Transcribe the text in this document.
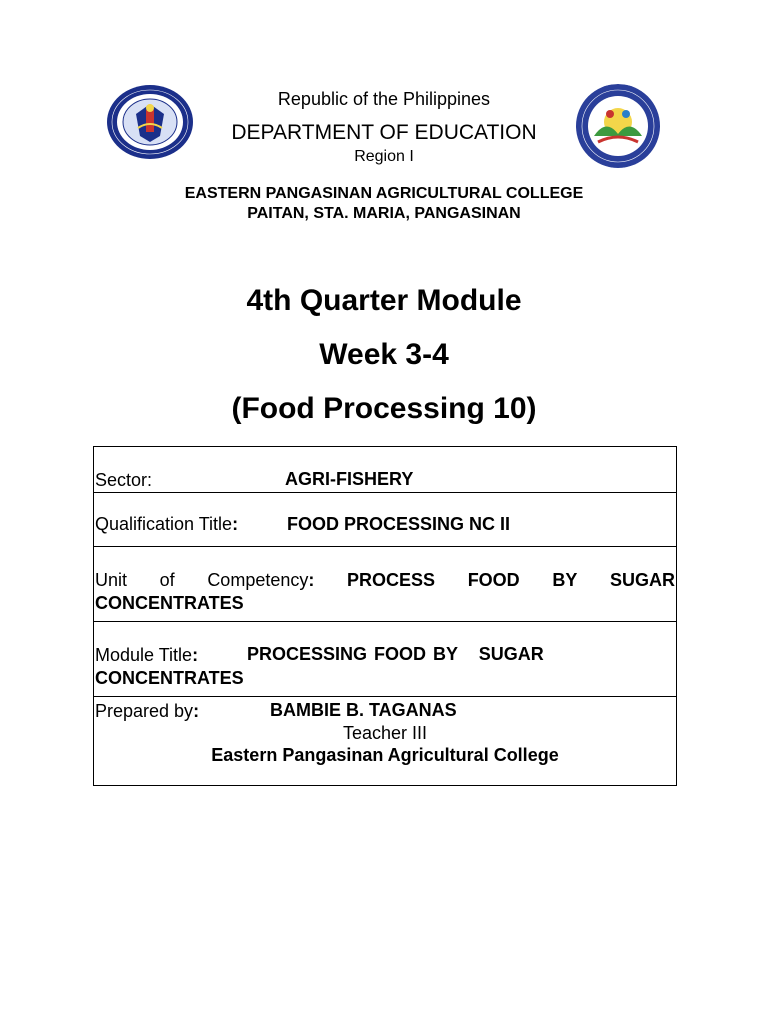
Republic of the Philippines
DEPARTMENT OF EDUCATION
Region I
EASTERN PANGASINAN AGRICULTURAL COLLEGE
PAITAN, STA. MARIA, PANGASINAN
4th Quarter Module
Week 3-4
(Food Processing 10)
Sector:	AGRI-FISHERY
Qualification Title:	FOOD PROCESSING NC II
Unit of Competency: PROCESS FOOD BY SUGAR
CONCENTRATES
Module Title:	PROCESSING FOOD BY   SUGAR
CONCENTRATES
Prepared by:	BAMBIE B. TAGANAS
Teacher III
Eastern Pangasinan Agricultural College
